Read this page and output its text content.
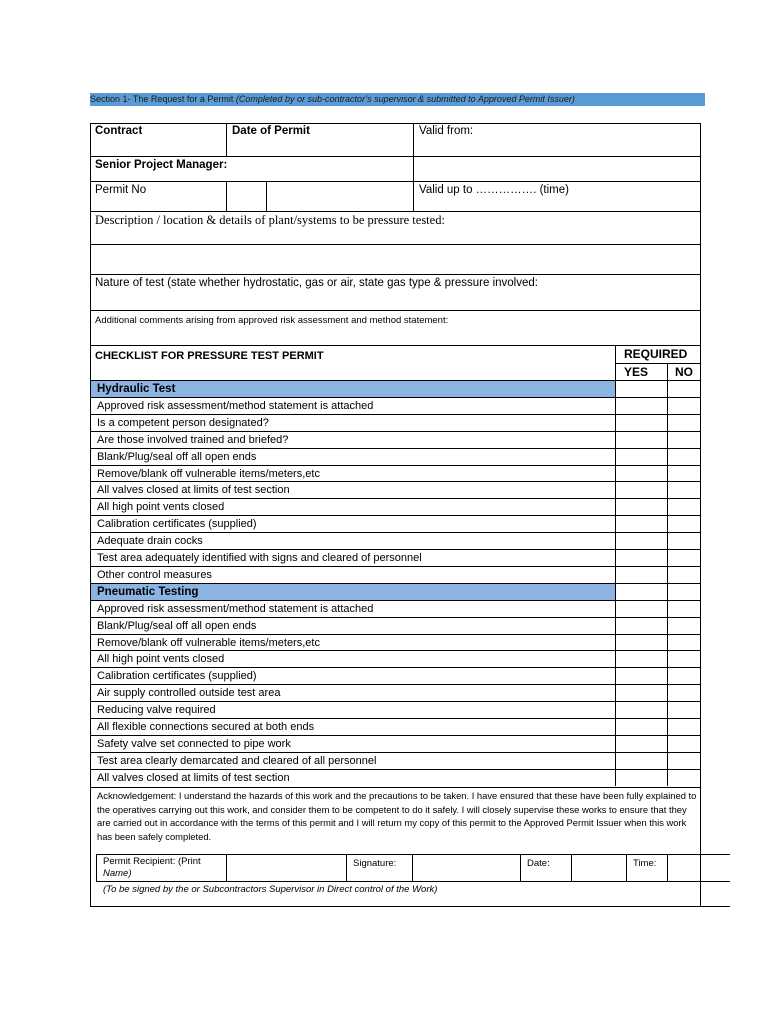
Section 1- The Request for a Permit (Completed by or sub-contractor’s supervisor & submitted to Approved Permit Issuer)
Contract	Date of Permit	Valid from:
Senior Project Manager:
Permit No	Valid up to ……………. (time)
Description / location & details of plant/systems to be pressure tested:
Nature of test (state whether hydrostatic, gas or air, state gas type & pressure involved:
Additional comments arising from approved risk assessment and method statement:
CHECKLIST FOR PRESSURE TEST PERMIT	REQUIRED
YES	NO
Hydraulic Test
Approved risk assessment/method statement is attached
Is a competent person designated?
Are those involved trained and briefed?
Blank/Plug/seal off all open ends
Remove/blank off vulnerable items/meters,etc
All valves closed at limits of test section
All high point vents closed
Calibration certificates (supplied)
Adequate drain cocks
Test area adequately identified with signs and cleared of personnel
Other control measures
Pneumatic Testing
Approved risk assessment/method statement is attached
Blank/Plug/seal off all open ends
Remove/blank off vulnerable items/meters,etc
All high point vents closed
Calibration certificates (supplied)
Air supply controlled outside test area
Reducing valve required
All flexible connections secured at both ends
Safety valve set connected to pipe work
Test area clearly demarcated and cleared of all personnel
All valves closed at limits of test section
Acknowledgement: I understand the hazards of this work and the precautions to be taken. I have ensured that these have been fully explained to the operatives carrying out this work, and consider them to be competent to do it safely. I will closely supervise these works to ensure that they are carried out in accordance with the terms of this permit and I will return my copy of this permit to the Approved Permit Issuer when this work has been safely completed.
Permit Recipient: (Print
Name)
Signature:	Date:	Time:
(To be signed by the or Subcontractors Supervisor in Direct control of the Work)
